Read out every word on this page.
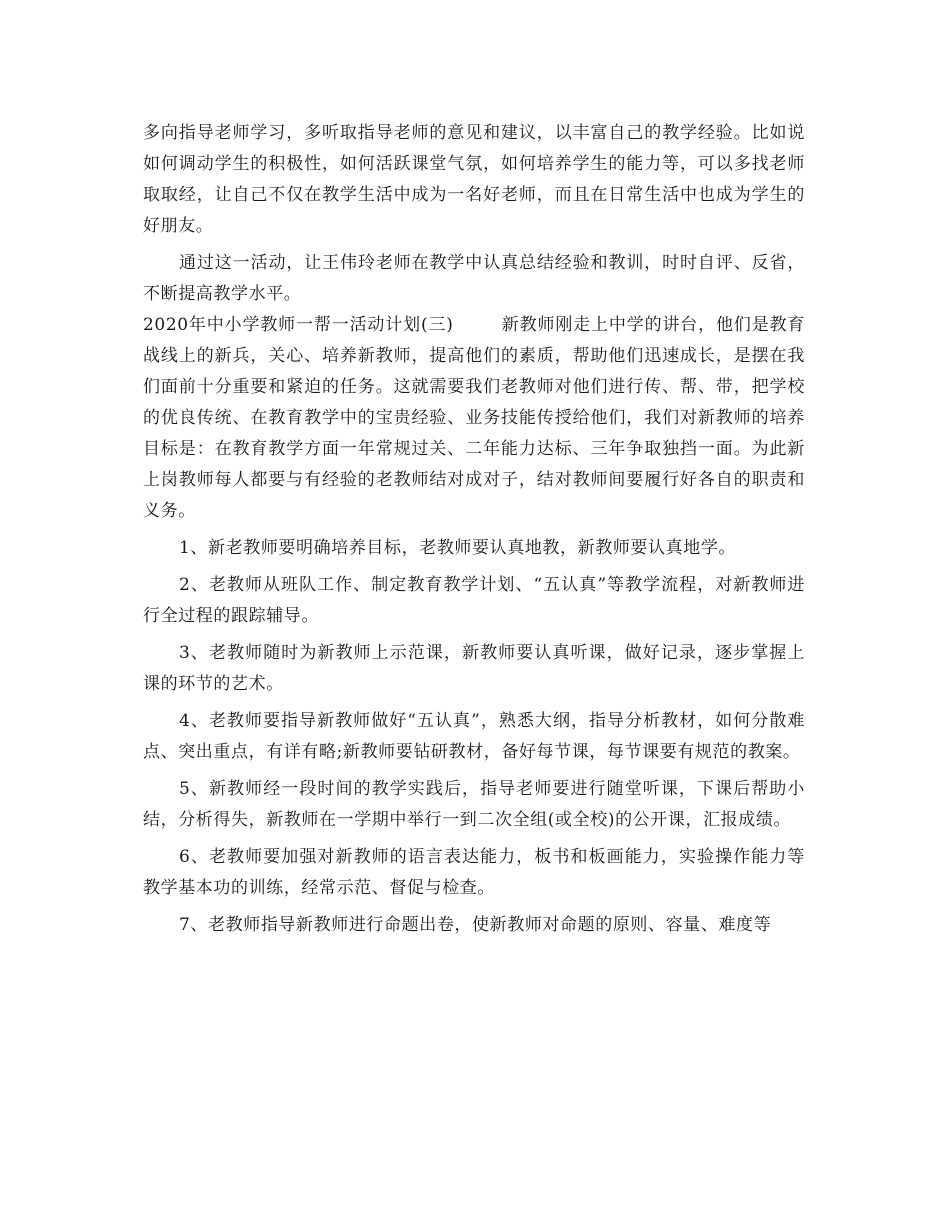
多向指导老师学习，多听取指导老师的意见和建议，以丰富自己的教学经验。比如说如何调动学生的积极性，如何活跃课堂气氛，如何培养学生的能力等，可以多找老师取取经，让自己不仅在教学生活中成为一名好老师，而且在日常生活中也成为学生的好朋友。

通过这一活动，让王伟玲老师在教学中认真总结经验和教训，时时自评、反省，不断提高教学水平。

2020年中小学教师一帮一活动计划(三)	新教师刚走上中学的讲台，他们是教育战线上的新兵，关心、培养新教师，提高他们的素质，帮助他们迅速成长，是摆在我们面前十分重要和紧迫的任务。这就需要我们老教师对他们进行传、帮、带，把学校的优良传统、在教育教学中的宝贵经验、业务技能传授给他们，我们对新教师的培养目标是：在教育教学方面一年常规过关、二年能力达标、三年争取独挡一面。为此新上岗教师每人都要与有经验的老教师结对成对子，结对教师间要履行好各自的职责和义务。

1、新老教师要明确培养目标，老教师要认真地教，新教师要认真地学。

2、老教师从班队工作、制定教育教学计划、“五认真”等教学流程，对新教师进行全过程的跟踪辅导。

3、老教师随时为新教师上示范课，新教师要认真听课，做好记录，逐步掌握上课的环节的艺术。

4、老教师要指导新教师做好“五认真”，熟悉大纲，指导分析教材，如何分散难点、突出重点，有详有略;新教师要钻研教材，备好每节课，每节课要有规范的教案。

5、新教师经一段时间的教学实践后，指导老师要进行随堂听课，下课后帮助小结，分析得失，新教师在一学期中举行一到二次全组(或全校)的公开课，汇报成绩。

6、老教师要加强对新教师的语言表达能力，板书和板画能力，实验操作能力等教学基本功的训练，经常示范、督促与检查。

7、老教师指导新教师进行命题出卷，使新教师对命题的原则、容量、难度等
